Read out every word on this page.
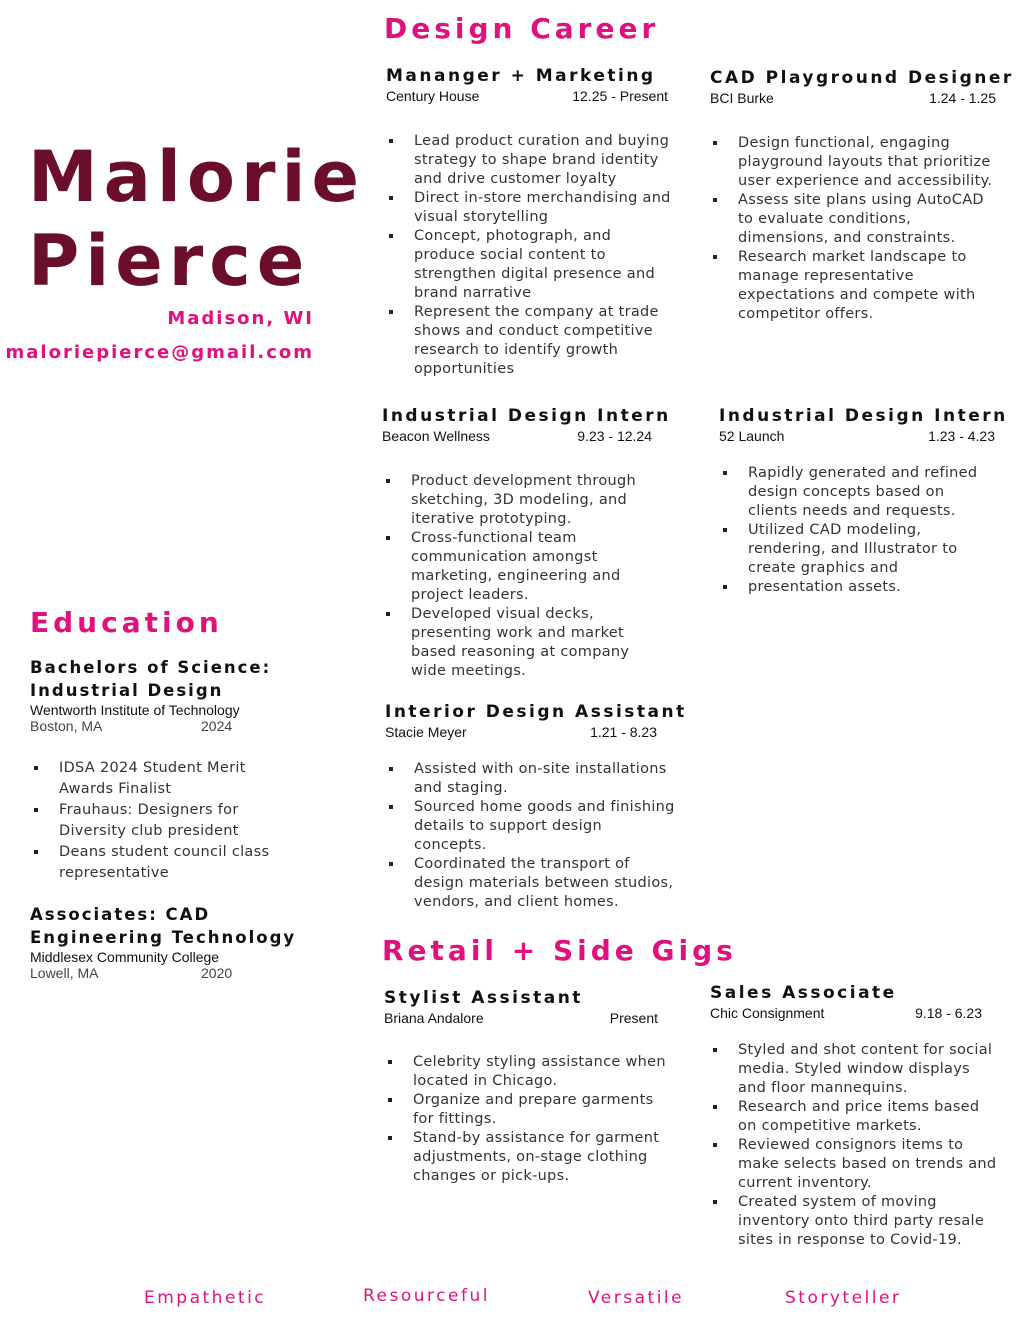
Malorie
Pierce
Madison, WI
maloriepierce@gmail.com
Design Career
Mananger + Marketing
Century House	12.25 - Present
Lead product curation and buying strategy to shape brand identity and drive customer loyalty
Direct in-store merchandising and visual storytelling
Concept, photograph, and produce social content to strengthen digital presence and brand narrative
Represent the company at trade shows and conduct competitive research to identify growth opportunities
CAD Playground Designer
BCI Burke	1.24 - 1.25
Design functional, engaging playground layouts that prioritize user experience and accessibility.
Assess site plans using AutoCAD to evaluate conditions, dimensions, and constraints.
Research market landscape to manage representative expectations and compete with competitor offers.
Industrial Design Intern
Beacon Wellness	9.23 - 12.24
Product development through sketching, 3D modeling, and iterative prototyping.
Cross-functional team communication amongst marketing, engineering and project leaders.
Developed visual decks, presenting work and market based reasoning at company wide meetings.
Industrial Design Intern
52 Launch	1.23 - 4.23
Rapidly generated and refined design concepts based on clients needs and requests.
Utilized CAD modeling, rendering, and Illustrator to create graphics and
presentation assets.
Interior Design Assistant
Stacie Meyer	1.21 - 8.23
Assisted with on-site installations and staging.
Sourced home goods and finishing details to support design concepts.
Coordinated the transport of design materials between studios, vendors, and client homes.
Retail + Side Gigs
Stylist Assistant
Briana Andalore	Present
Celebrity styling assistance when located in Chicago.
Organize and prepare garments for fittings.
Stand-by assistance for garment adjustments, on-stage clothing changes or pick-ups.
Sales Associate
Chic Consignment	9.18 - 6.23
Styled and shot content for social media. Styled window displays and floor mannequins.
Research and price items based on competitive markets.
Reviewed consignors items to make selects based on trends and current inventory.
Created system of moving inventory onto third party resale sites in response to Covid-19.
Education
Bachelors of Science: Industrial Design
Wentworth Institute of Technology
Boston, MA	2024
IDSA 2024 Student Merit Awards Finalist
Frauhaus: Designers for Diversity club president
Deans student council class representative
Associates: CAD Engineering Technology
Middlesex Community College
Lowell, MA	2020
Empathetic	Resourceful	Versatile	Storyteller
